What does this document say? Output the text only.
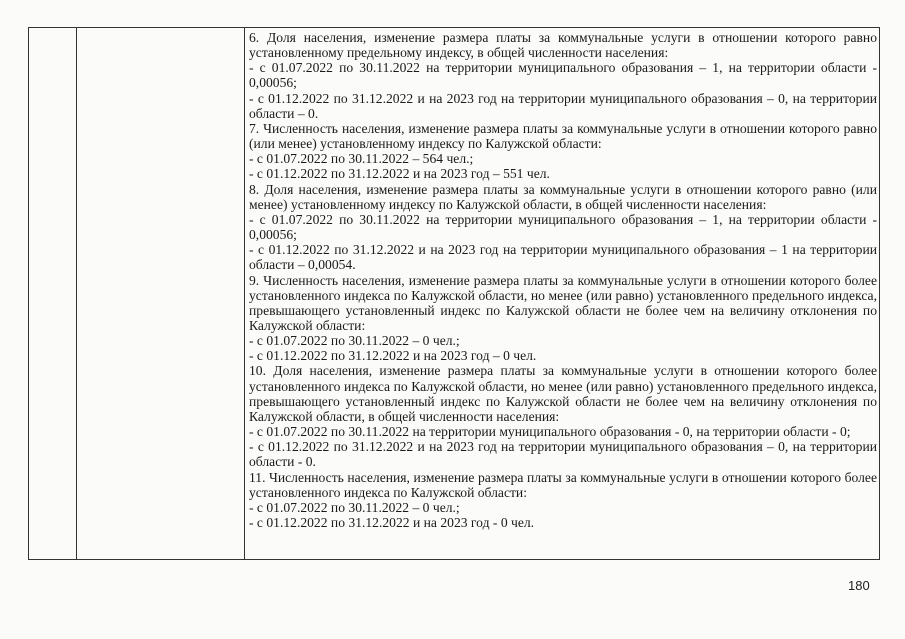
6. Доля населения, изменение размера платы за коммунальные услуги в отношении которого равно установленному предельному индексу, в общей численности населения:

- с 01.07.2022 по 30.11.2022 на территории муниципального образования – 1, на территории области - 0,00056;

- с 01.12.2022 по 31.12.2022 и на 2023 год на территории муниципального образования – 0, на территории области – 0.

7. Численность населения, изменение размера платы за коммунальные услуги в отношении которого равно (или менее) установленному индексу по Калужской области:

- с 01.07.2022 по 30.11.2022 – 564 чел.;

- с 01.12.2022 по 31.12.2022 и на 2023 год – 551 чел.

8. Доля населения, изменение размера платы за коммунальные услуги в отношении которого равно (или менее) установленному индексу по Калужской области, в общей численности населения:

- с 01.07.2022 по 30.11.2022 на территории муниципального образования – 1, на территории области - 0,00056;

- с 01.12.2022 по 31.12.2022 и на 2023 год на территории муниципального образования – 1 на территории области – 0,00054.

9. Численность населения, изменение размера платы за коммунальные услуги в отношении которого более установленного индекса по Калужской области, но менее (или равно) установленного предельного индекса, превышающего установленный индекс по Калужской области не более чем на величину отклонения по Калужской области:

- с 01.07.2022 по 30.11.2022 – 0 чел.;

- с 01.12.2022 по 31.12.2022 и на 2023 год – 0 чел.

10. Доля населения, изменение размера платы за коммунальные услуги в отношении которого более установленного индекса по Калужской области, но менее (или равно) установленного предельного индекса, превышающего установленный индекс по Калужской области не более чем на величину отклонения по Калужской области, в общей численности населения:

- с 01.07.2022 по 30.11.2022 на территории муниципального образования - 0, на территории области - 0;

- с 01.12.2022 по 31.12.2022 и на 2023 год на территории муниципального образования – 0, на территории области - 0.

11. Численность населения, изменение размера платы за коммунальные услуги в отношении которого более установленного индекса по Калужской области:

- с 01.07.2022 по 30.11.2022 – 0 чел.;

- с 01.12.2022 по 31.12.2022 и на 2023 год - 0 чел.

180
